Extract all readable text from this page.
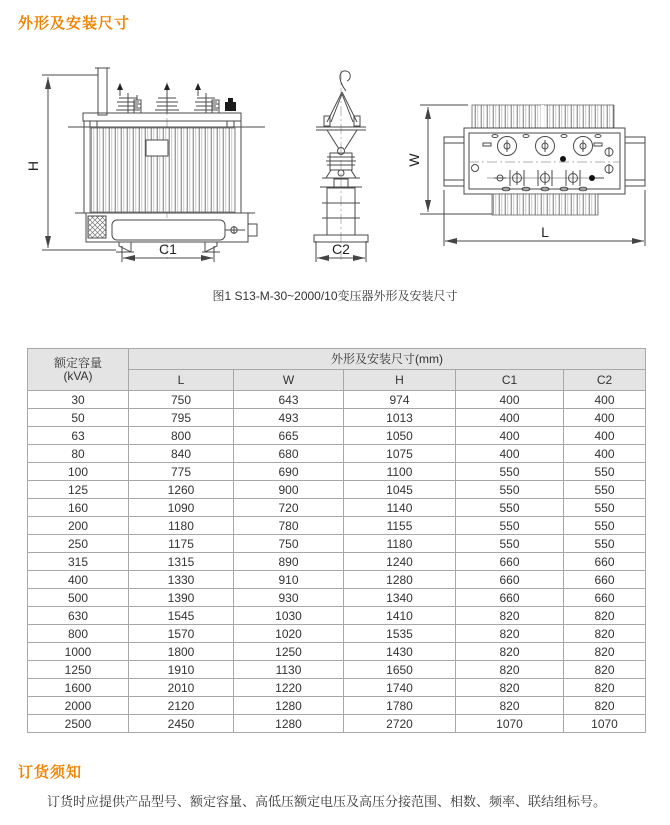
外形及安装尺寸
H
C1	C2
W
L
图1 S13-M-30~2000/10变压器外形及安装尺寸
额定容量
(kVA)	外形及安装尺寸(mm)				
	L	W	H	C1	C2
30	750	643	974	400	400
50	795	493	1013	400	400
63	800	665	1050	400	400
80	840	680	1075	400	400
100	775	690	1100	550	550
125	1260	900	1045	550	550
160	1090	720	1140	550	550
200	1180	780	1155	550	550
250	1175	750	1180	550	550
315	1315	890	1240	660	660
400	1330	910	1280	660	660
500	1390	930	1340	660	660
630	1545	1030	1410	820	820
800	1570	1020	1535	820	820
1000	1800	1250	1430	820	820
1250	1910	1130	1650	820	820
1600	2010	1220	1740	820	820
2000	2120	1280	1780	820	820
2500	2450	1280	2720	1070	1070
订货须知

订货时应提供产品型号、额定容量、高低压额定电压及高压分接范围、相数、频率、联结组标号。
